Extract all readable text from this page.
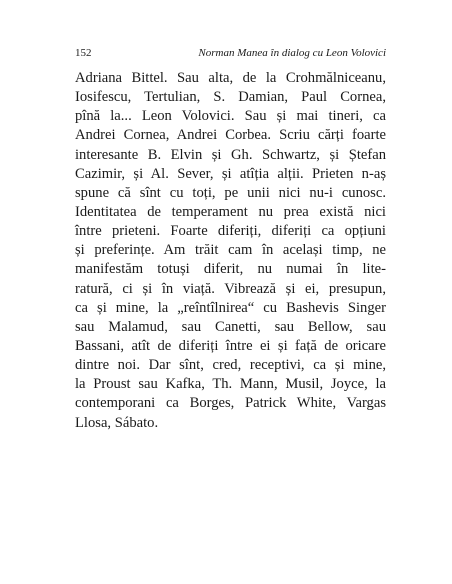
152	Norman Manea în dialog cu Leon Volovici
Adriana Bittel. Sau alta, de la Crohmălniceanu,
Iosifescu, Tertulian, S. Damian, Paul Cornea,
pînă la... Leon Volovici. Sau și mai tineri, ca
Andrei Cornea, Andrei Corbea. Scriu cărți foarte
interesante B. Elvin și Gh. Schwartz, și Ștefan
Cazimir, și Al. Sever, și atîția alții. Prieten n-aș
spune că sînt cu toți, pe unii nici nu-i cunosc.
Identitatea de temperament nu prea există nici
între prieteni. Foarte diferiți, diferiți ca opțiuni
și preferințe. Am trăit cam în același timp, ne
manifestăm totuși diferit, nu numai în lite-
ratură, ci și în viață. Vibrează și ei, presupun,
ca și mine, la „reîntîlnirea“ cu Bashevis Singer
sau Malamud, sau Canetti, sau Bellow, sau
Bassani, atît de diferiți între ei și față de oricare
dintre noi. Dar sînt, cred, receptivi, ca și mine,
la Proust sau Kafka, Th. Mann, Musil, Joyce, la
contemporani ca Borges, Patrick White, Vargas
Llosa, Sábato.
